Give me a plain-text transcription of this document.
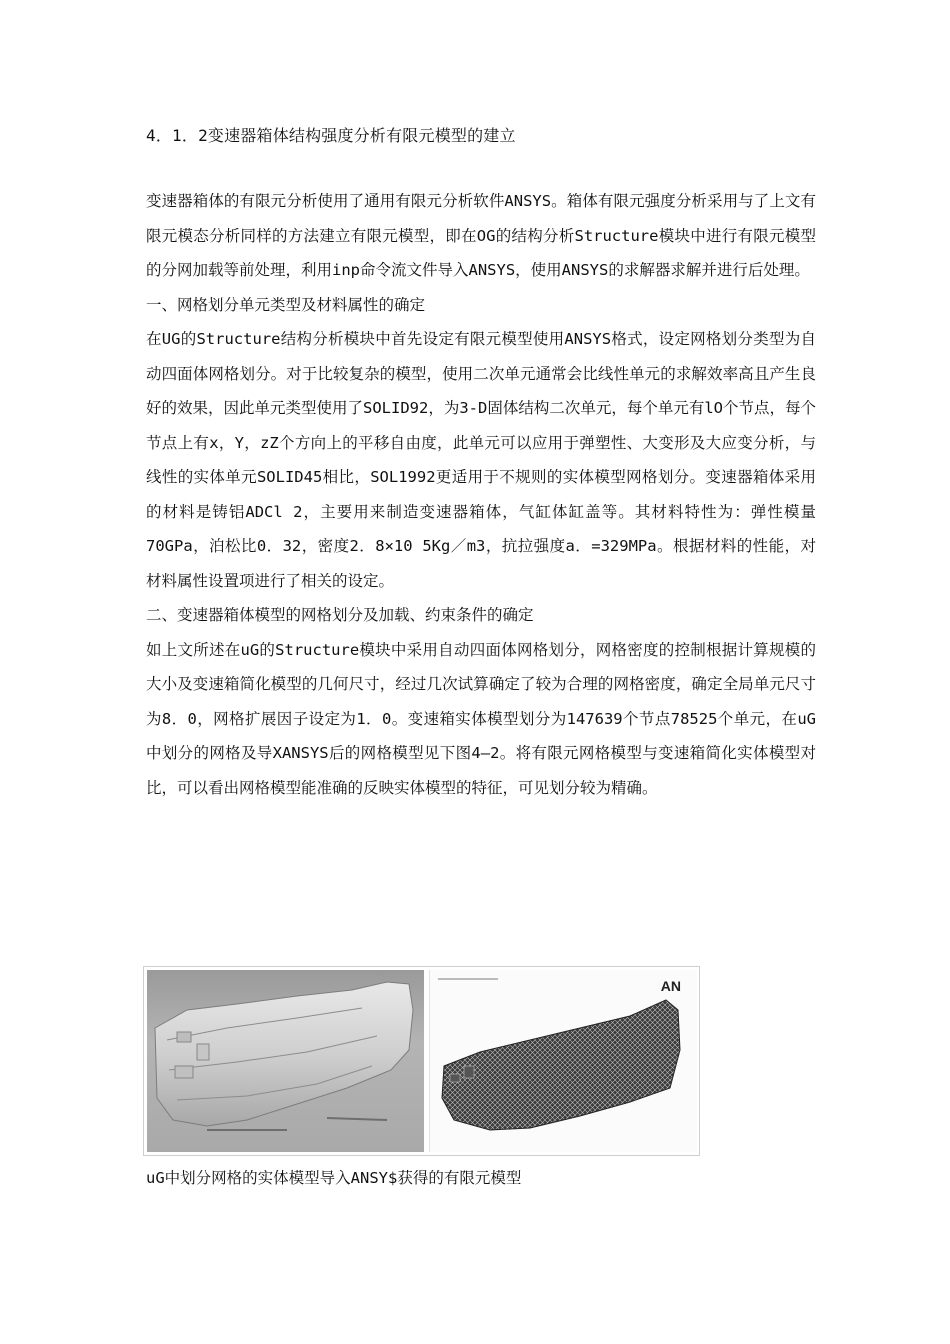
4．1．2变速器箱体结构强度分析有限元模型的建立

变速器箱体的有限元分析使用了通用有限元分析软件ANSYS。箱体有限元强度分析采用与了上文有限元模态分析同样的方法建立有限元模型，即在OG的结构分析Structure模块中进行有限元模型的分网加载等前处理，利用inp命令流文件导入ANSYS，使用ANSYS的求解器求解并进行后处理。

一、网格划分单元类型及材料属性的确定

在UG的Structure结构分析模块中首先设定有限元模型使用ANSYS格式，设定网格划分类型为自动四面体网格划分。对于比较复杂的模型，使用二次单元通常会比线性单元的求解效率高且产生良好的效果，因此单元类型使用了SOLID92，为3-D固体结构二次单元，每个单元有lO个节点，每个节点上有x，Y，zZ个方向上的平移自由度，此单元可以应用于弹塑性、大变形及大应变分析，与线性的实体单元SOLID45相比，SOL1992更适用于不规则的实体模型网格划分。变速器箱体采用的材料是铸铝ADCl 2，主要用来制造变速器箱体，气缸体缸盖等。其材料特性为：弹性模量70GPa，泊松比0．32，密度2．8×10 5Kg／m3，抗拉强度a．=329MPa。根据材料的性能，对材料属性设置项进行了相关的设定。

二、变速器箱体模型的网格划分及加载、约束条件的确定

如上文所述在uG的Structure模块中采用自动四面体网格划分，网格密度的控制根据计算规模的大小及变速箱简化模型的几何尺寸，经过几次试算确定了较为合理的网格密度，确定全局单元尺寸为8．0，网格扩展因子设定为1．0。变速箱实体模型划分为147639个节点78525个单元，在uG中划分的网格及导XANSYS后的网格模型见下图4—2。将有限元网格模型与变速箱简化实体模型对比，可以看出网格模型能准确的反映实体模型的特征，可见划分较为精确。

AN
uG中划分网格的实体模型导入ANSY$获得的有限元模型
